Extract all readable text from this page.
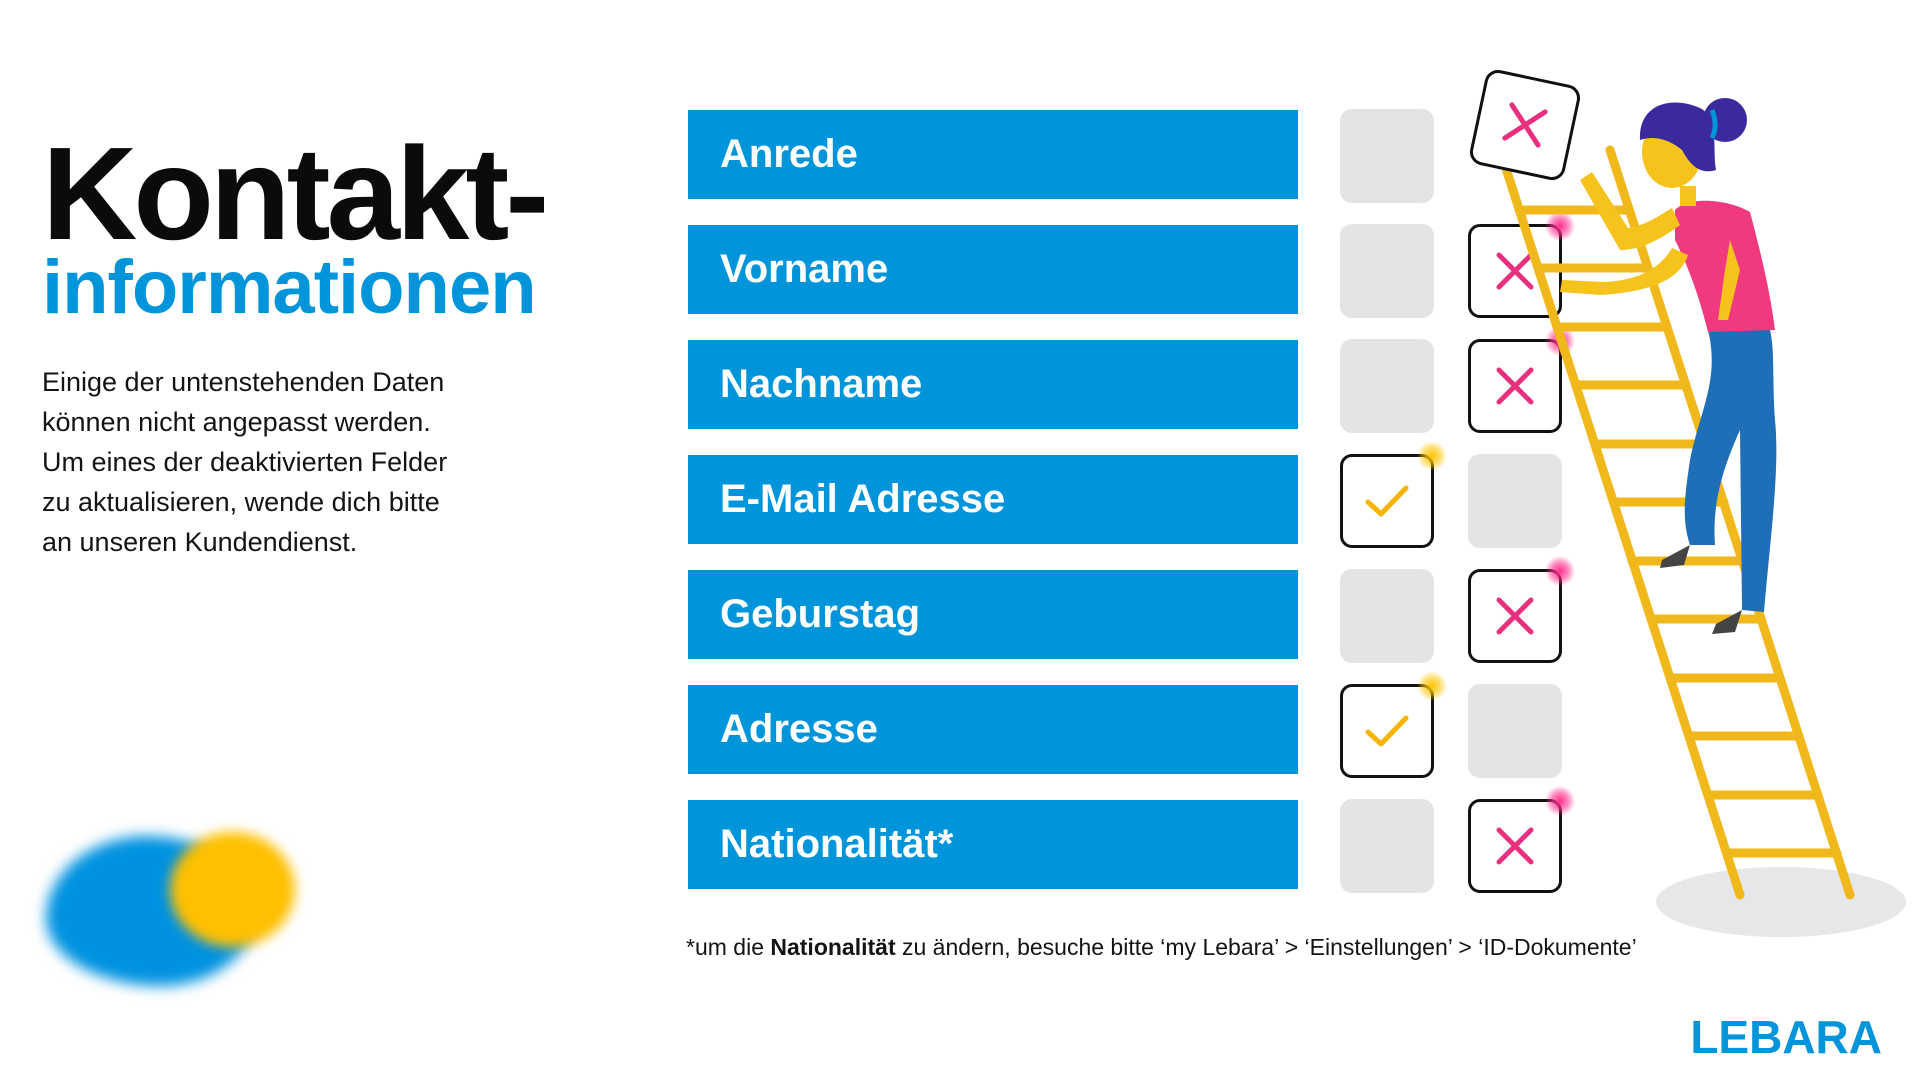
Kontakt-
informationen

Einige der untenstehenden Daten

können nicht angepasst werden.

Um eines der deaktivierten Felder

zu aktualisieren, wende dich bitte

an unseren Kundendienst.

Anrede
Vorname
Nachname
E-Mail Adresse
Geburstag
Adresse
Nationalität*
*um die Nationalität zu ändern, besuche bitte ‘my Lebara’ > ‘Einstellungen’ > ‘ID-Dokumente’
LEBARA
